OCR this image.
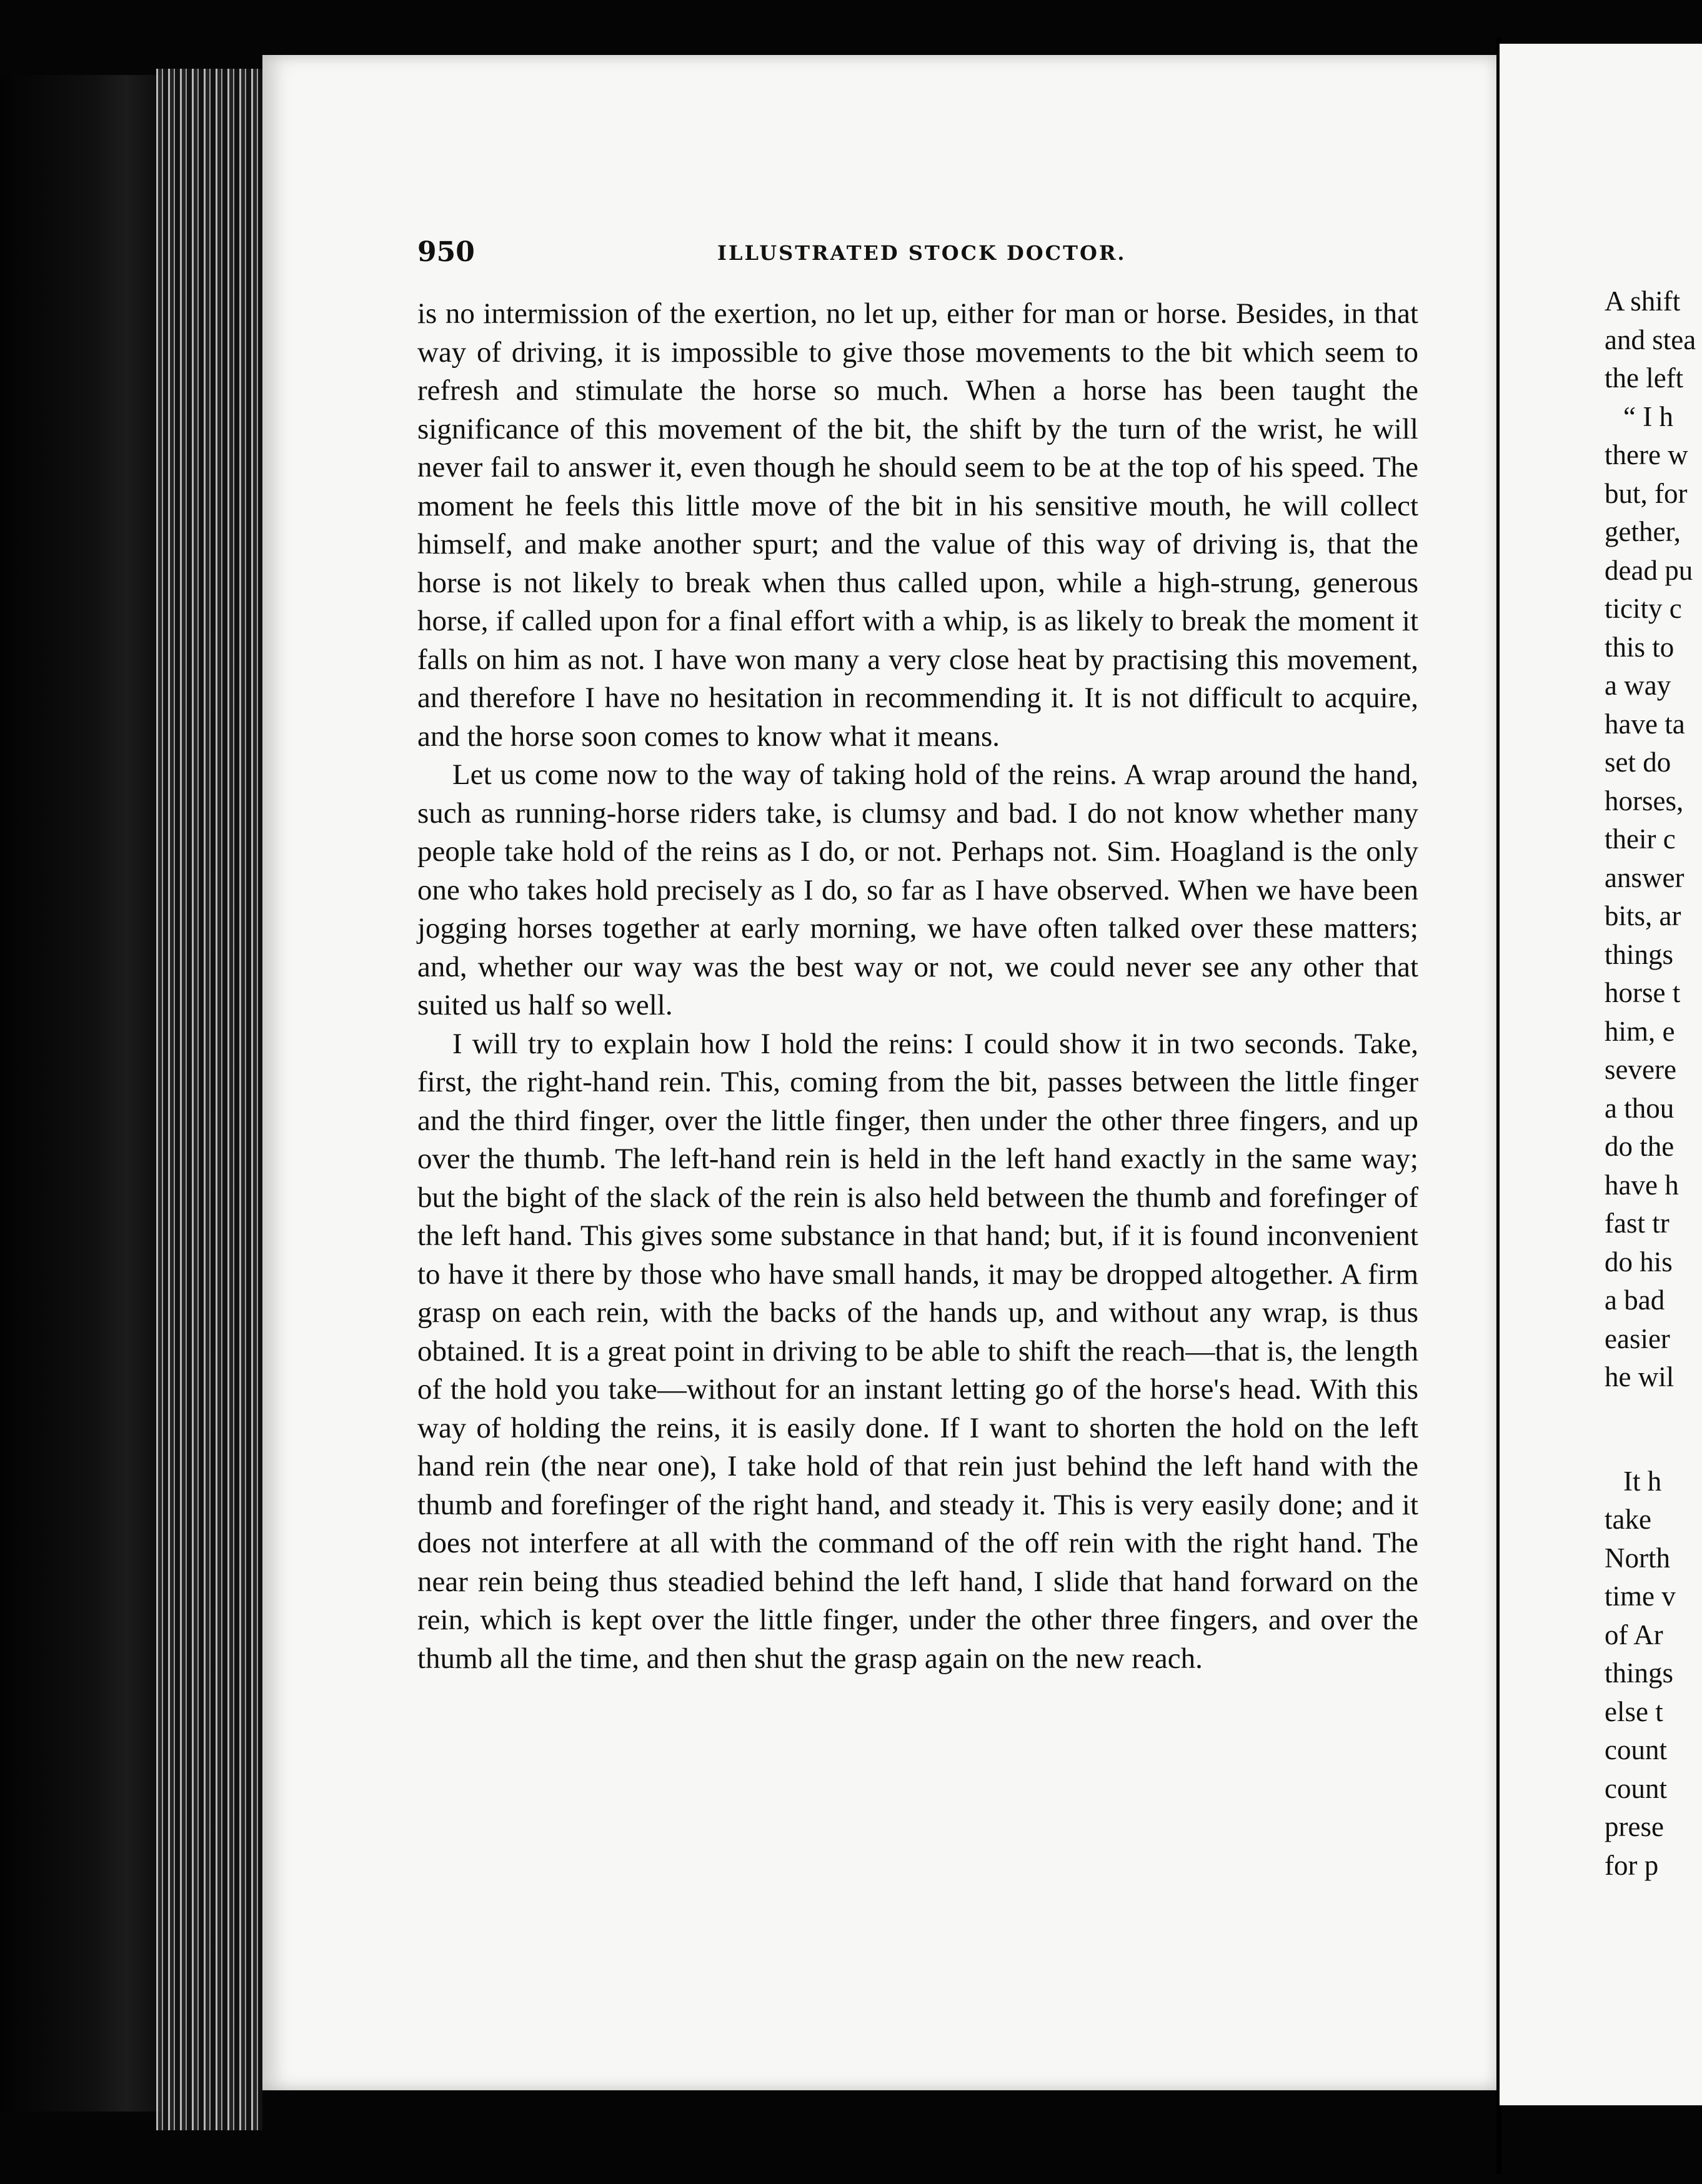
950	ILLUSTRATED STOCK DOCTOR.

is no intermission of the exertion, no let up, either for man or horse. Besides, in that way of driving, it is impossible to give those movements to the bit which seem to refresh and stimulate the horse so much. When a horse has been taught the significance of this movement of the bit, the shift by the turn of the wrist, he will never fail to answer it, even though he should seem to be at the top of his speed. The moment he feels this little move of the bit in his sensitive mouth, he will collect himself, and make another spurt; and the value of this way of driving is, that the horse is not likely to break when thus called upon, while a high-strung, generous horse, if called upon for a final effort with a whip, is as likely to break the moment it falls on him as not. I have won many a very close heat by practising this movement, and therefore I have no hesitation in recommending it. It is not difficult to acquire, and the horse soon comes to know what it means.

Let us come now to the way of taking hold of the reins. A wrap around the hand, such as running-horse riders take, is clumsy and bad. I do not know whether many people take hold of the reins as I do, or not. Perhaps not. Sim. Hoagland is the only one who takes hold precisely as I do, so far as I have observed. When we have been jogging horses together at early morning, we have often talked over these matters; and, whether our way was the best way or not, we could never see any other that suited us half so well.

I will try to explain how I hold the reins: I could show it in two seconds. Take, first, the right-hand rein. This, coming from the bit, passes between the little finger and the third finger, over the little finger, then under the other three fingers, and up over the thumb. The left-hand rein is held in the left hand exactly in the same way; but the bight of the slack of the rein is also held between the thumb and forefinger of the left hand. This gives some substance in that hand; but, if it is found inconvenient to have it there by those who have small hands, it may be dropped altogether. A firm grasp on each rein, with the backs of the hands up, and without any wrap, is thus obtained. It is a great point in driving to be able to shift the reach—that is, the length of the hold you take—without for an instant letting go of the horse's head. With this way of holding the reins, it is easily done. If I want to shorten the hold on the left hand rein (the near one), I take hold of that rein just behind the left hand with the thumb and forefinger of the right hand, and steady it. This is very easily done; and it does not interfere at all with the command of the off rein with the right hand. The near rein being thus steadied behind the left hand, I slide that hand forward on the rein, which is kept over the little finger, under the other three fingers, and over the thumb all the time, and then shut the grasp again on the new reach.

A shift
and stea
the left
“ I h
there w
but, for
gether,
dead pu
ticity c
this to
a way
have ta
set do
horses,
their c
answer
bits, ar
things
horse t
him, e
severe
a thou
do the
have h
fast tr
do his
a bad
easier
he wil
It h
take
North
time v
of Ar
things
else t
count
count
prese
for p
